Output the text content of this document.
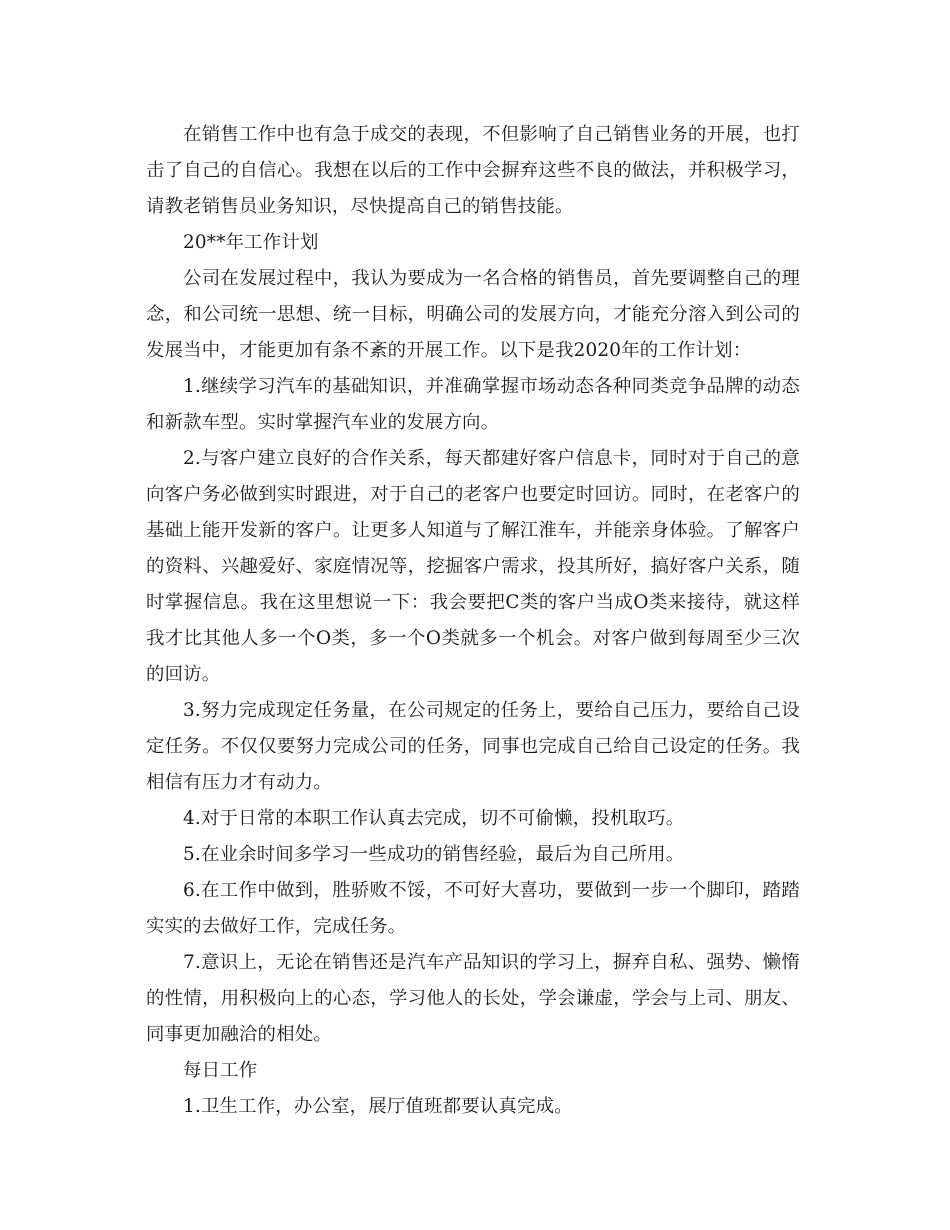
在销售工作中也有急于成交的表现，不但影响了自己销售业务的开展，也打击了自己的自信心。我想在以后的工作中会摒弃这些不良的做法，并积极学习，请教老销售员业务知识，尽快提高自己的销售技能。

20**年工作计划

公司在发展过程中，我认为要成为一名合格的销售员，首先要调整自己的理念，和公司统一思想、统一目标，明确公司的发展方向，才能充分溶入到公司的发展当中，才能更加有条不紊的开展工作。以下是我2020年的工作计划：

1.继续学习汽车的基础知识，并准确掌握市场动态各种同类竞争品牌的动态和新款车型。实时掌握汽车业的发展方向。

2.与客户建立良好的合作关系，每天都建好客户信息卡，同时对于自己的意向客户务必做到实时跟进，对于自己的老客户也要定时回访。同时，在老客户的基础上能开发新的客户。让更多人知道与了解江淮车，并能亲身体验。了解客户的资料、兴趣爱好、家庭情况等，挖掘客户需求，投其所好，搞好客户关系，随时掌握信息。我在这里想说一下：我会要把C类的客户当成O类来接待，就这样我才比其他人多一个O类，多一个O类就多一个机会。对客户做到每周至少三次的回访。

3.努力完成现定任务量，在公司规定的任务上，要给自己压力，要给自己设定任务。不仅仅要努力完成公司的任务，同事也完成自己给自己设定的任务。我相信有压力才有动力。

4.对于日常的本职工作认真去完成，切不可偷懒，投机取巧。

5.在业余时间多学习一些成功的销售经验，最后为自己所用。

6.在工作中做到，胜骄败不馁，不可好大喜功，要做到一步一个脚印，踏踏实实的去做好工作，完成任务。

7.意识上，无论在销售还是汽车产品知识的学习上，摒弃自私、强势、懒惰的性情，用积极向上的心态，学习他人的长处，学会谦虚，学会与上司、朋友、同事更加融洽的相处。

每日工作

1.卫生工作，办公室，展厅值班都要认真完成。
